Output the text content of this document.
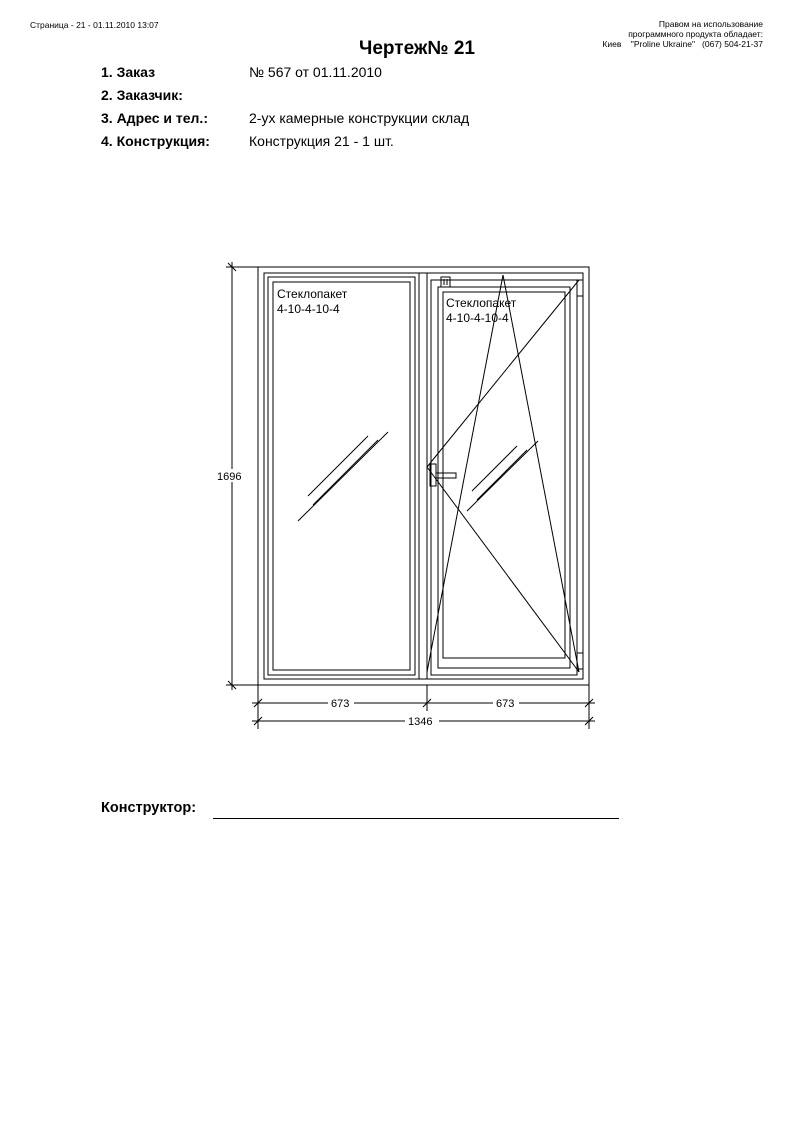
Страница - 21 - 01.11.2010 13:07	Правом на использование
программного продукта обладает:
Киев    "Proline Ukraine"   (067) 504-21-37
Чертеж№ 21
1. Заказ	№ 567 от 01.11.2010
2. Заказчик:
3. Адрес и тел.:	2-ух камерные конструкции склад
4. Конструкция:	Конструкция 21 - 1 шт.
Стеклопакет
4-10-4-10-4	Стеклопакет
4-10-4-10-4
1696
673	673
1346
Конструктор:
